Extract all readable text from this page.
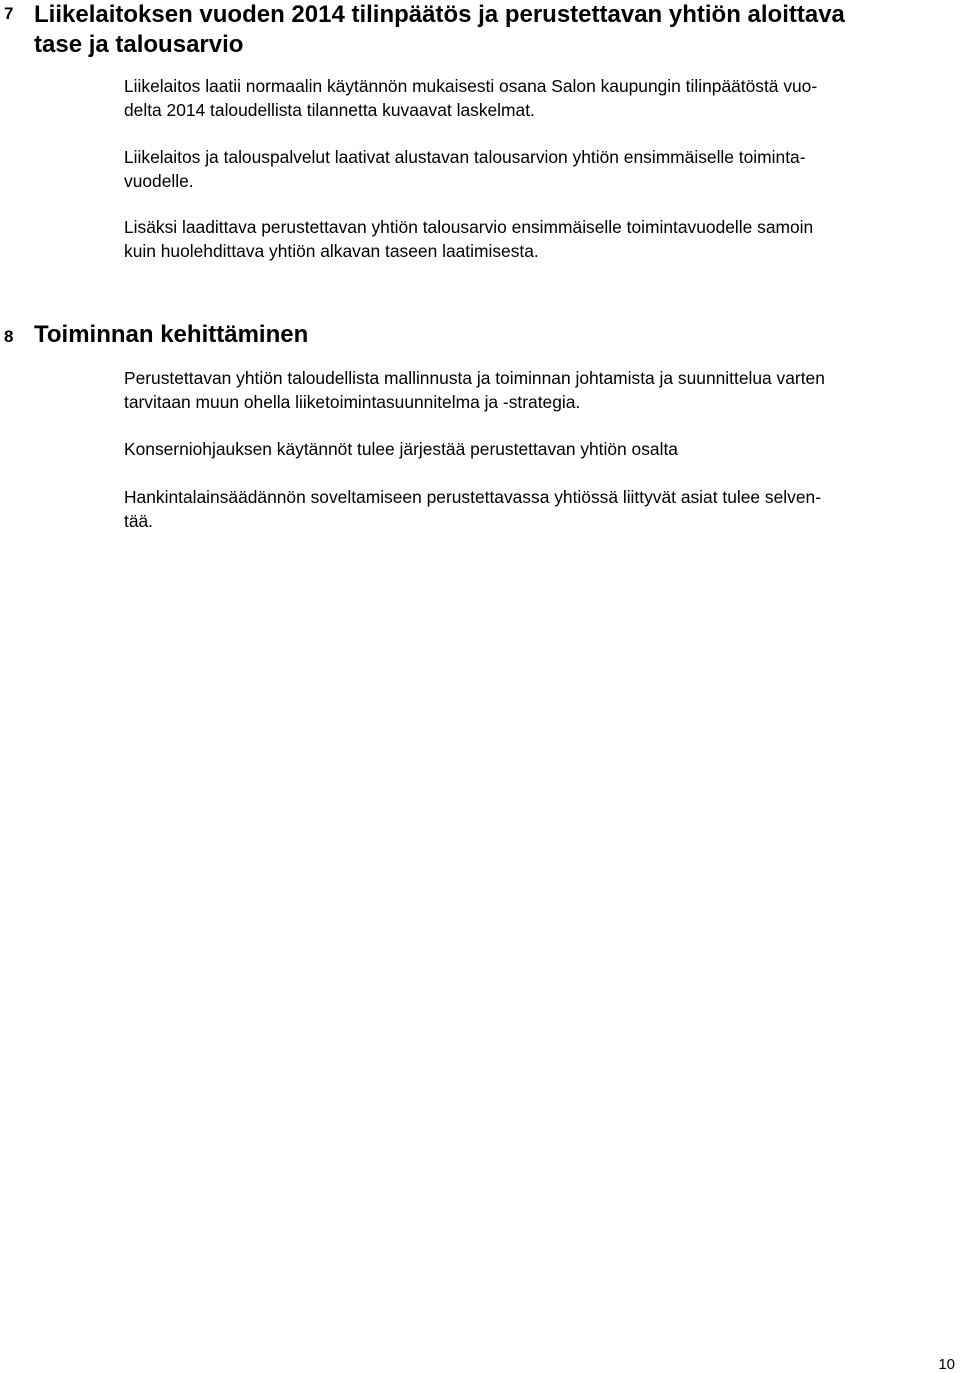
7 Liikelaitoksen vuoden 2014 tilinpäätös ja perustettavan yhtiön aloittava
tase ja talousarvio

Liikelaitos laatii normaalin käytännön mukaisesti osana Salon kaupungin tilinpäätöstä vuo-
delta 2014 taloudellista tilannetta kuvaavat laskelmat.

Liikelaitos ja talouspalvelut laativat alustavan talousarvion yhtiön ensimmäiselle toiminta-
vuodelle.

Lisäksi laadittava perustettavan yhtiön talousarvio ensimmäiselle toimintavuodelle samoin
kuin huolehdittava yhtiön alkavan taseen laatimisesta.

8 Toiminnan kehittäminen

Perustettavan yhtiön taloudellista mallinnusta ja toiminnan johtamista ja suunnittelua varten
tarvitaan muun ohella liiketoimintasuunnitelma ja -strategia.

Konserniohjauksen käytännöt tulee järjestää perustettavan yhtiön osalta

Hankintalainsäädännön soveltamiseen perustettavassa yhtiössä liittyvät asiat tulee selven-
tää.

10
